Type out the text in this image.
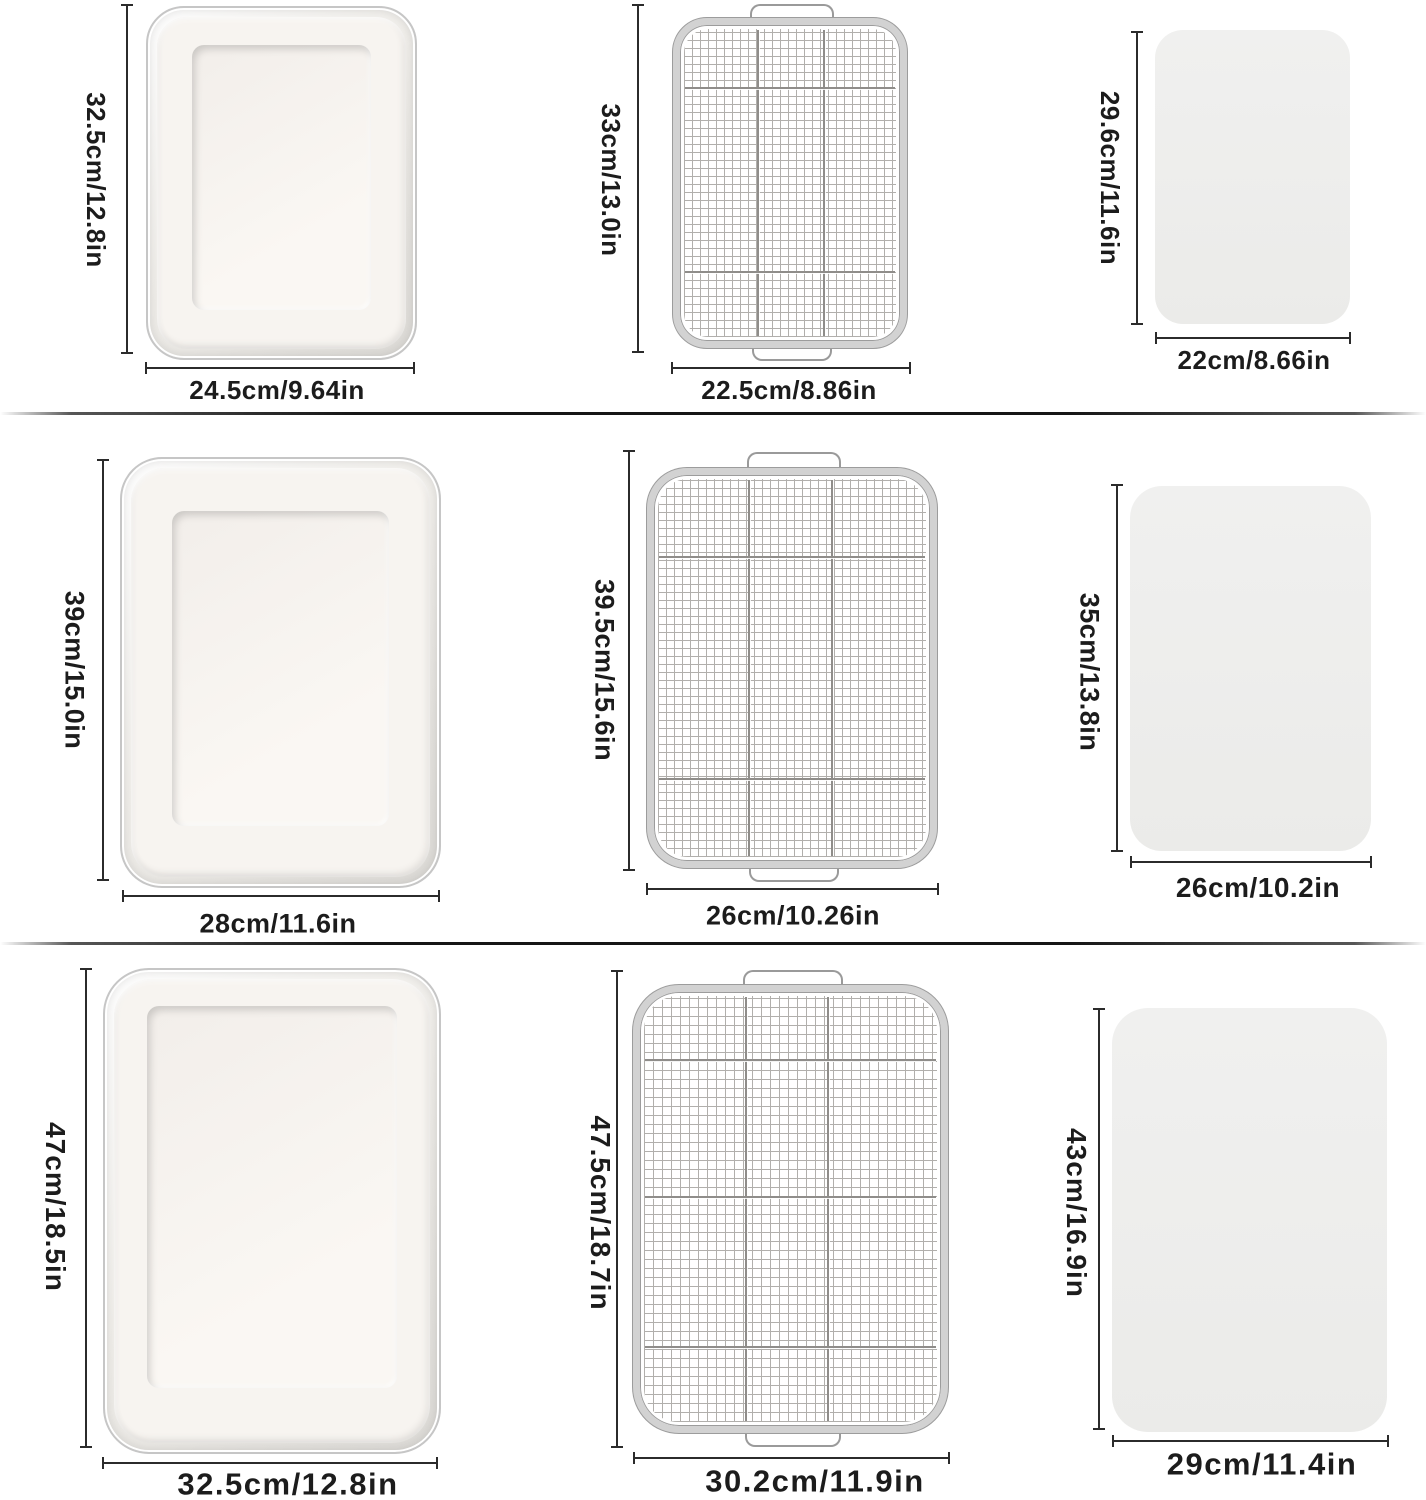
32.5cm/12.8in
24.5cm/9.64in
33cm/13.0in
22.5cm/8.86in
29.6cm/11.6in
22cm/8.66in
39cm/15.0in
28cm/11.6in
39.5cm/15.6in
26cm/10.26in
35cm/13.8in
26cm/10.2in
47cm/18.5in
32.5cm/12.8in
47.5cm/18.7in
30.2cm/11.9in
43cm/16.9in
29cm/11.4in
